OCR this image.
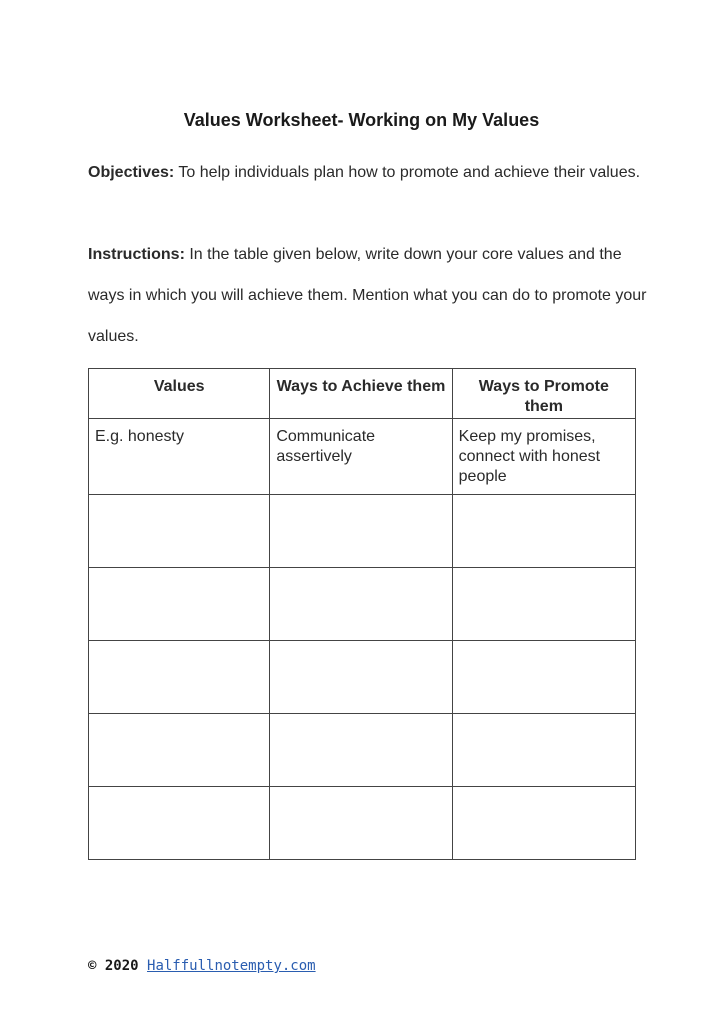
Values Worksheet- Working on My Values

Objectives: To help individuals plan how to promote and achieve their values.

Instructions: In the table given below, write down your core values and the ways in which you will achieve them. Mention what you can do to promote your values.

Values	Ways to Achieve them	Ways to Promote them
E.g. honesty	Communicate assertively	Keep my promises, connect with honest people

© 2020 Halffullnotempty.com
